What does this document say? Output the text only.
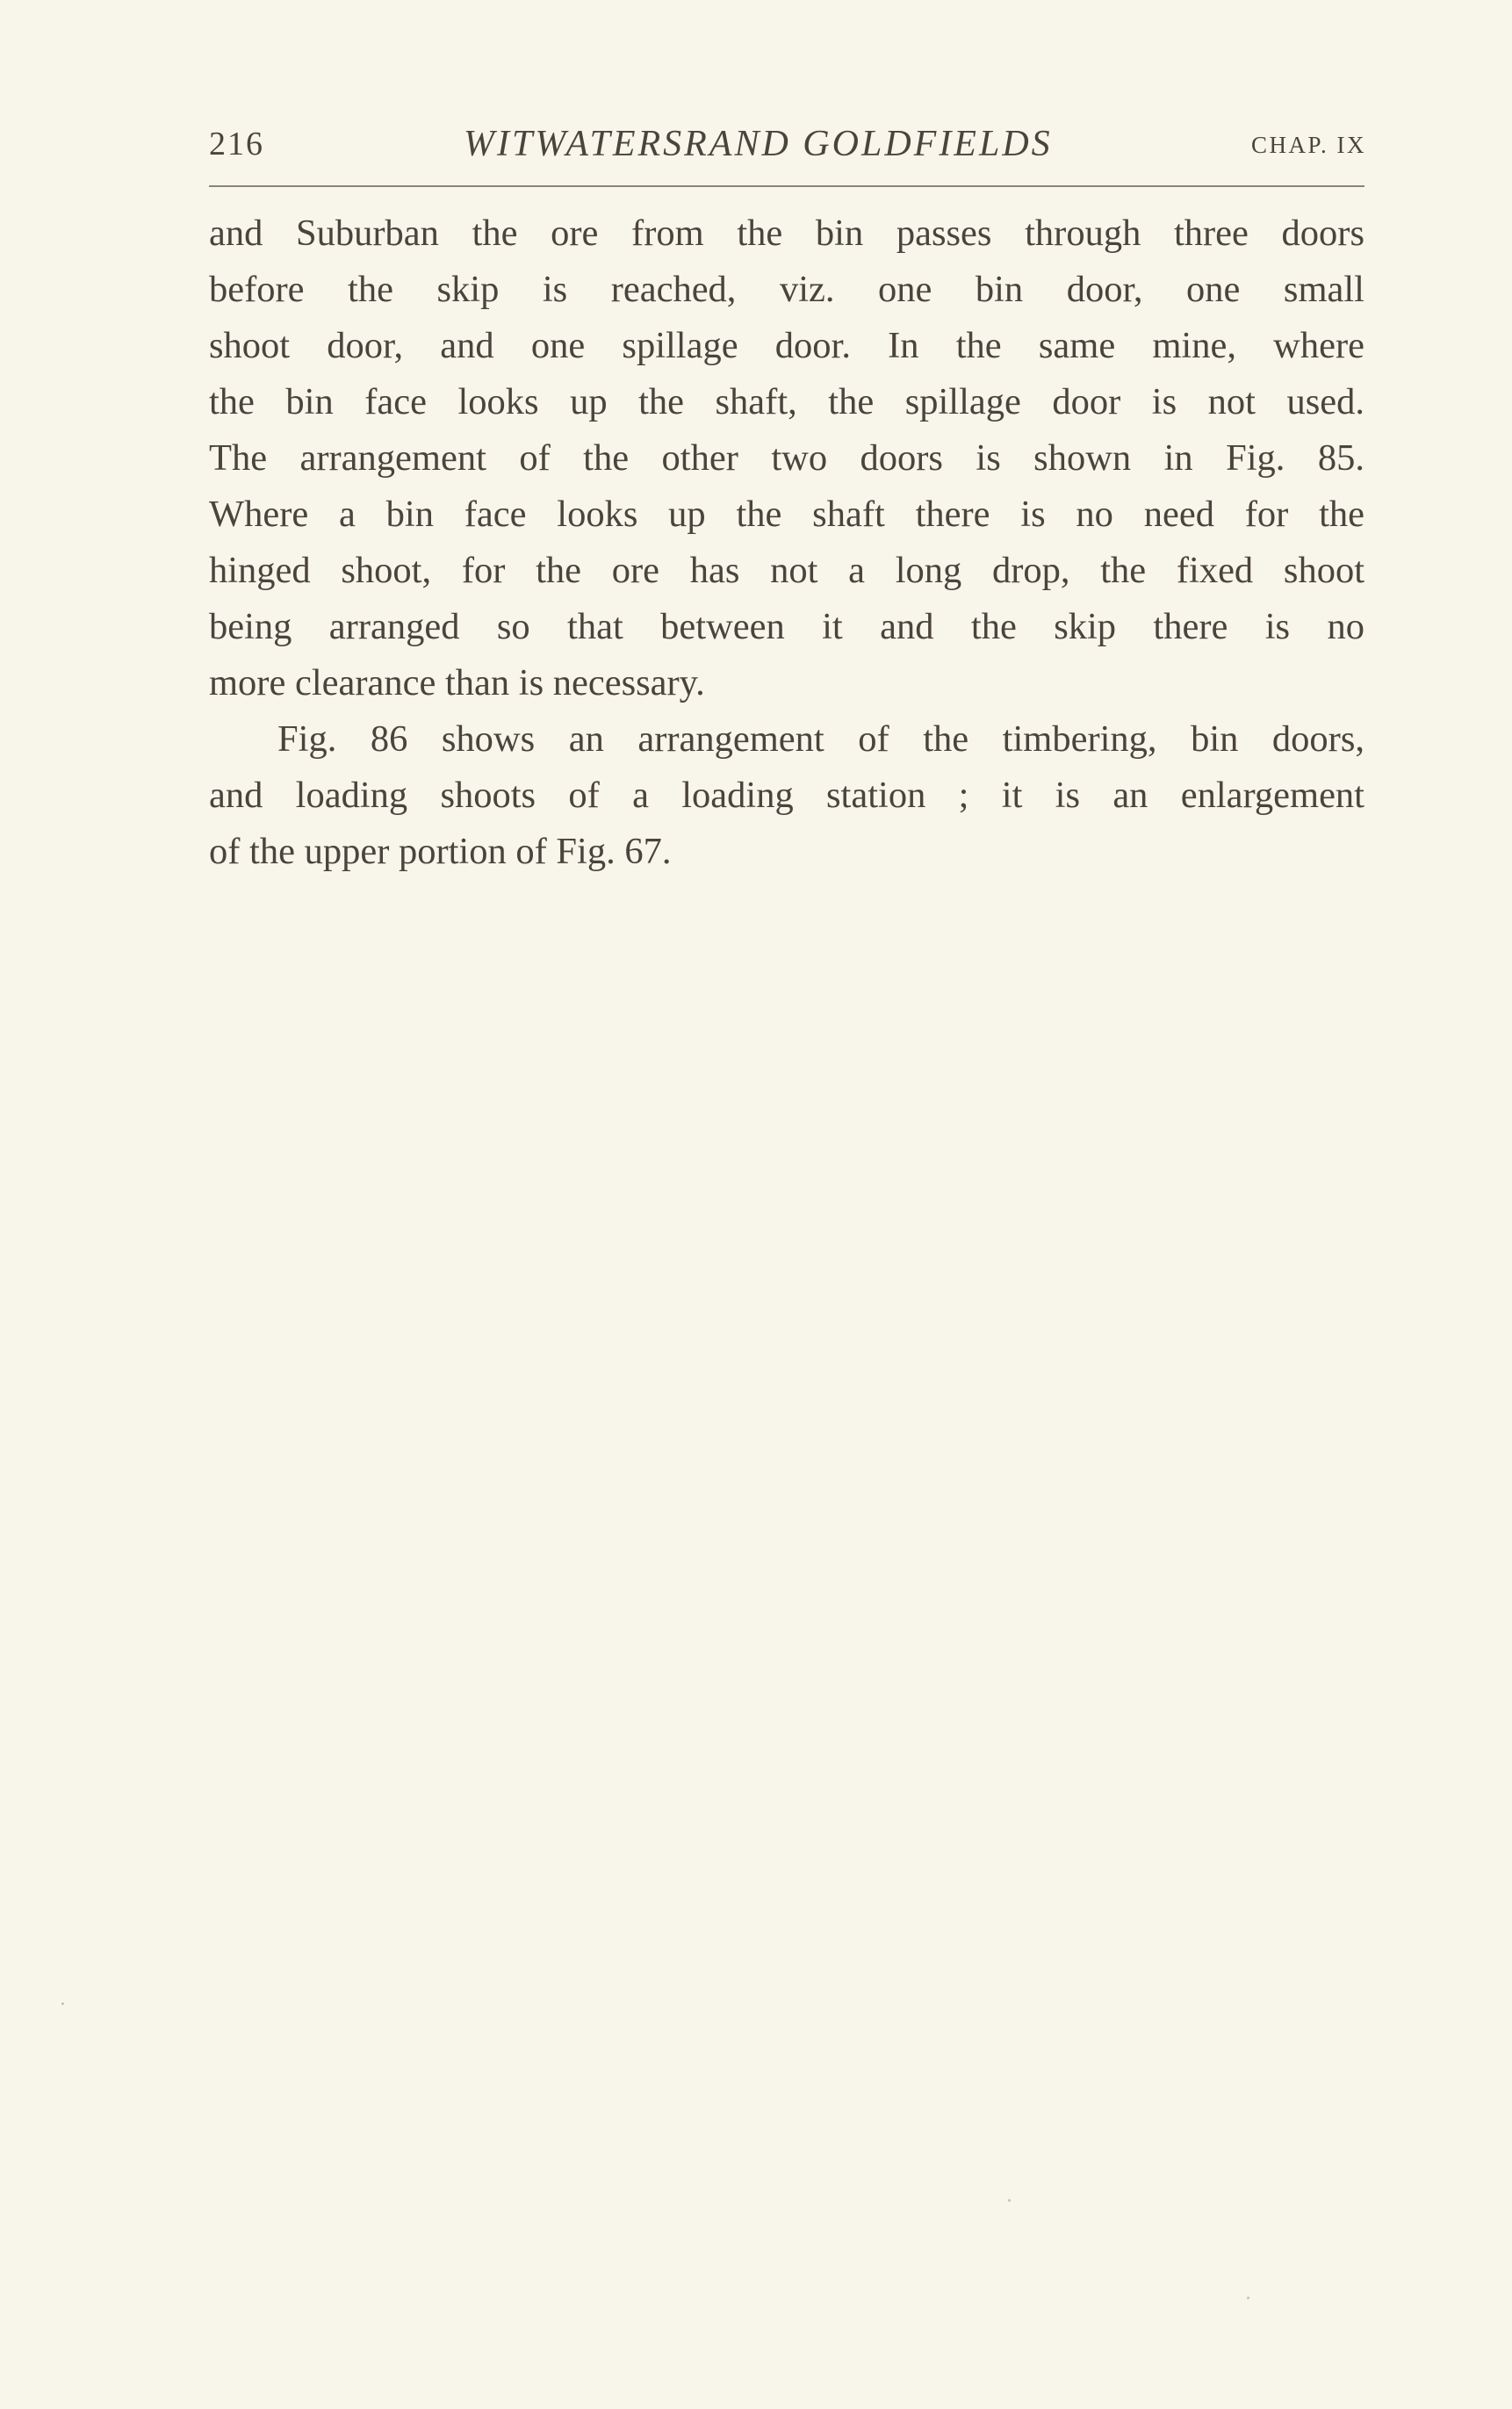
216	WITWATERSRAND GOLDFIELDS	CHAP. IX
and Suburban the ore from the bin passes through three doors
before the skip is reached, viz. one bin door, one small
shoot door, and one spillage door. In the same mine, where
the bin face looks up the shaft, the spillage door is not used.
The arrangement of the other two doors is shown in Fig. 85.
Where a bin face looks up the shaft there is no need for the
hinged shoot, for the ore has not a long drop, the fixed shoot
being arranged so that between it and the skip there is no
more clearance than is necessary.
Fig. 86 shows an arrangement of the timbering, bin doors,
and loading shoots of a loading station ; it is an enlargement
of the upper portion of Fig. 67.
